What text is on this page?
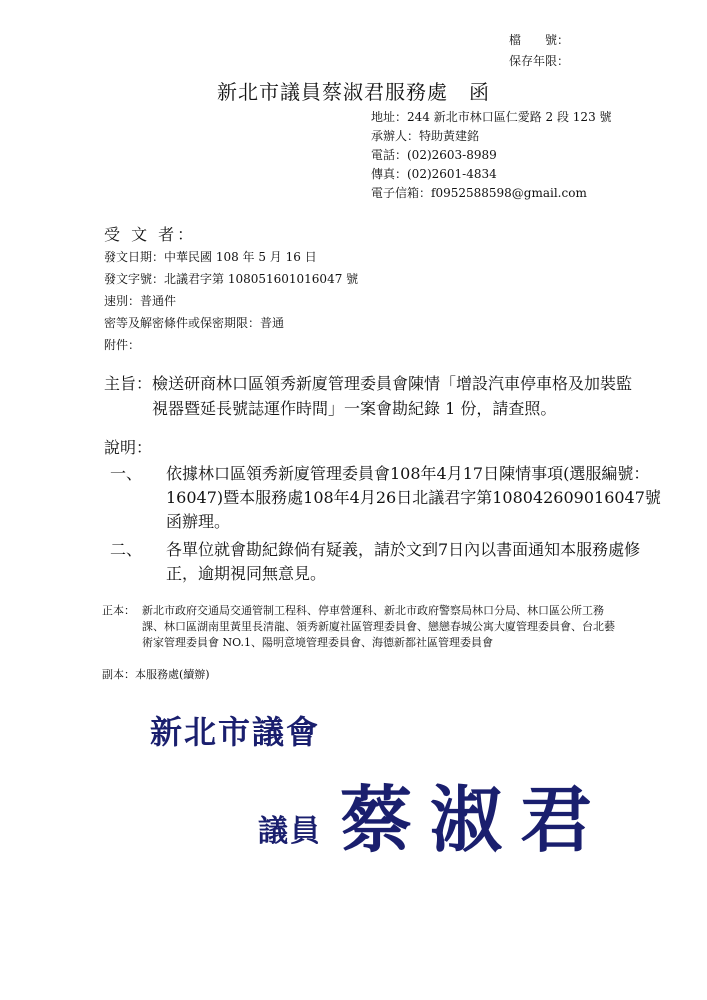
檔　　號：
保存年限：
新北市議員蔡淑君服務處　函
地址：244 新北市林口區仁愛路 2 段 123 號
承辦人：特助黃建銘
電話：(02)2603-8989
傳真：(02)2601-4834
電子信箱：f0952588598@gmail.com
受 文 者：
發文日期：中華民國 108 年 5 月 16 日
發文字號：北議君字第 108051601016047 號
速別：普通件
密等及解密條件或保密期限：普通
附件：
主旨： 檢送研商林口區領秀新廈管理委員會陳情「增設汽車停車格及加裝監視器暨延長號誌運作時間」一案會勘紀錄 1 份，請查照。
說明：
一、 依據林口區領秀新廈管理委員會108年4月17日陳情事項(選服編號：16047)暨本服務處108年4月26日北議君字第108042609016047號函辦理。
二、 各單位就會勘紀錄倘有疑義，請於文到7日內以書面通知本服務處修正，逾期視同無意見。
正本： 新北市政府交通局交通管制工程科、停車營運科、新北市政府警察局林口分局、林口區公所工務課、林口區湖南里黃里長清龍、領秀新廈社區管理委員會、戀戀春城公寓大廈管理委員會、台北藝術家管理委員會 NO.1、陽明意境管理委員會、海德新都社區管理委員會
副本：本服務處(續辦)
新北市議會
議員 蔡淑君
